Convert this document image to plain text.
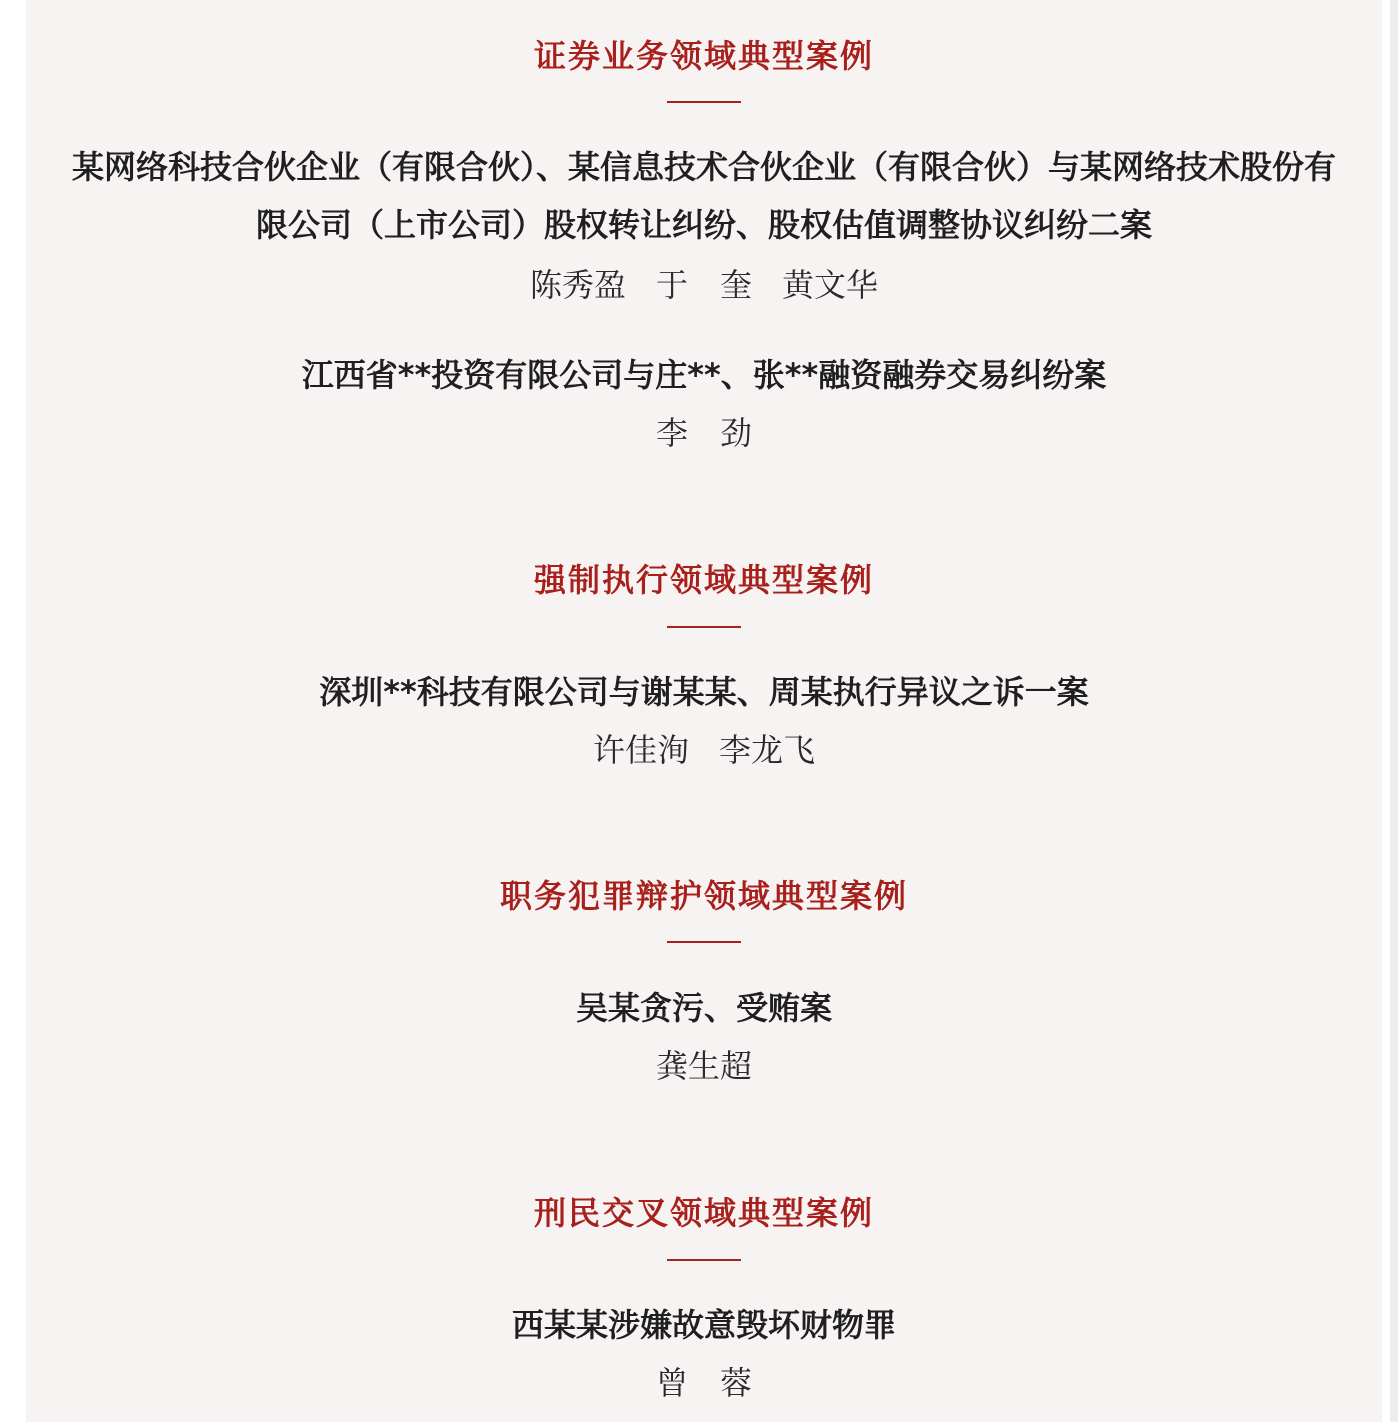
证券业务领域典型案例
某网络科技合伙企业（有限合伙）、某信息技术合伙企业（有限合伙）与某网络技术股份有
限公司（上市公司）股权转让纠纷、股权估值调整协议纠纷二案
陈秀盈 于　奎 黄文华
江西省**投资有限公司与庄**、张**融资融券交易纠纷案
李　劲
强制执行领域典型案例
深圳**科技有限公司与谢某某、周某执行异议之诉一案
许佳洵 李龙飞
职务犯罪辩护领域典型案例
吴某贪污、受贿案
龚生超
刑民交叉领域典型案例
西某某涉嫌故意毁坏财物罪
曾　蓉
